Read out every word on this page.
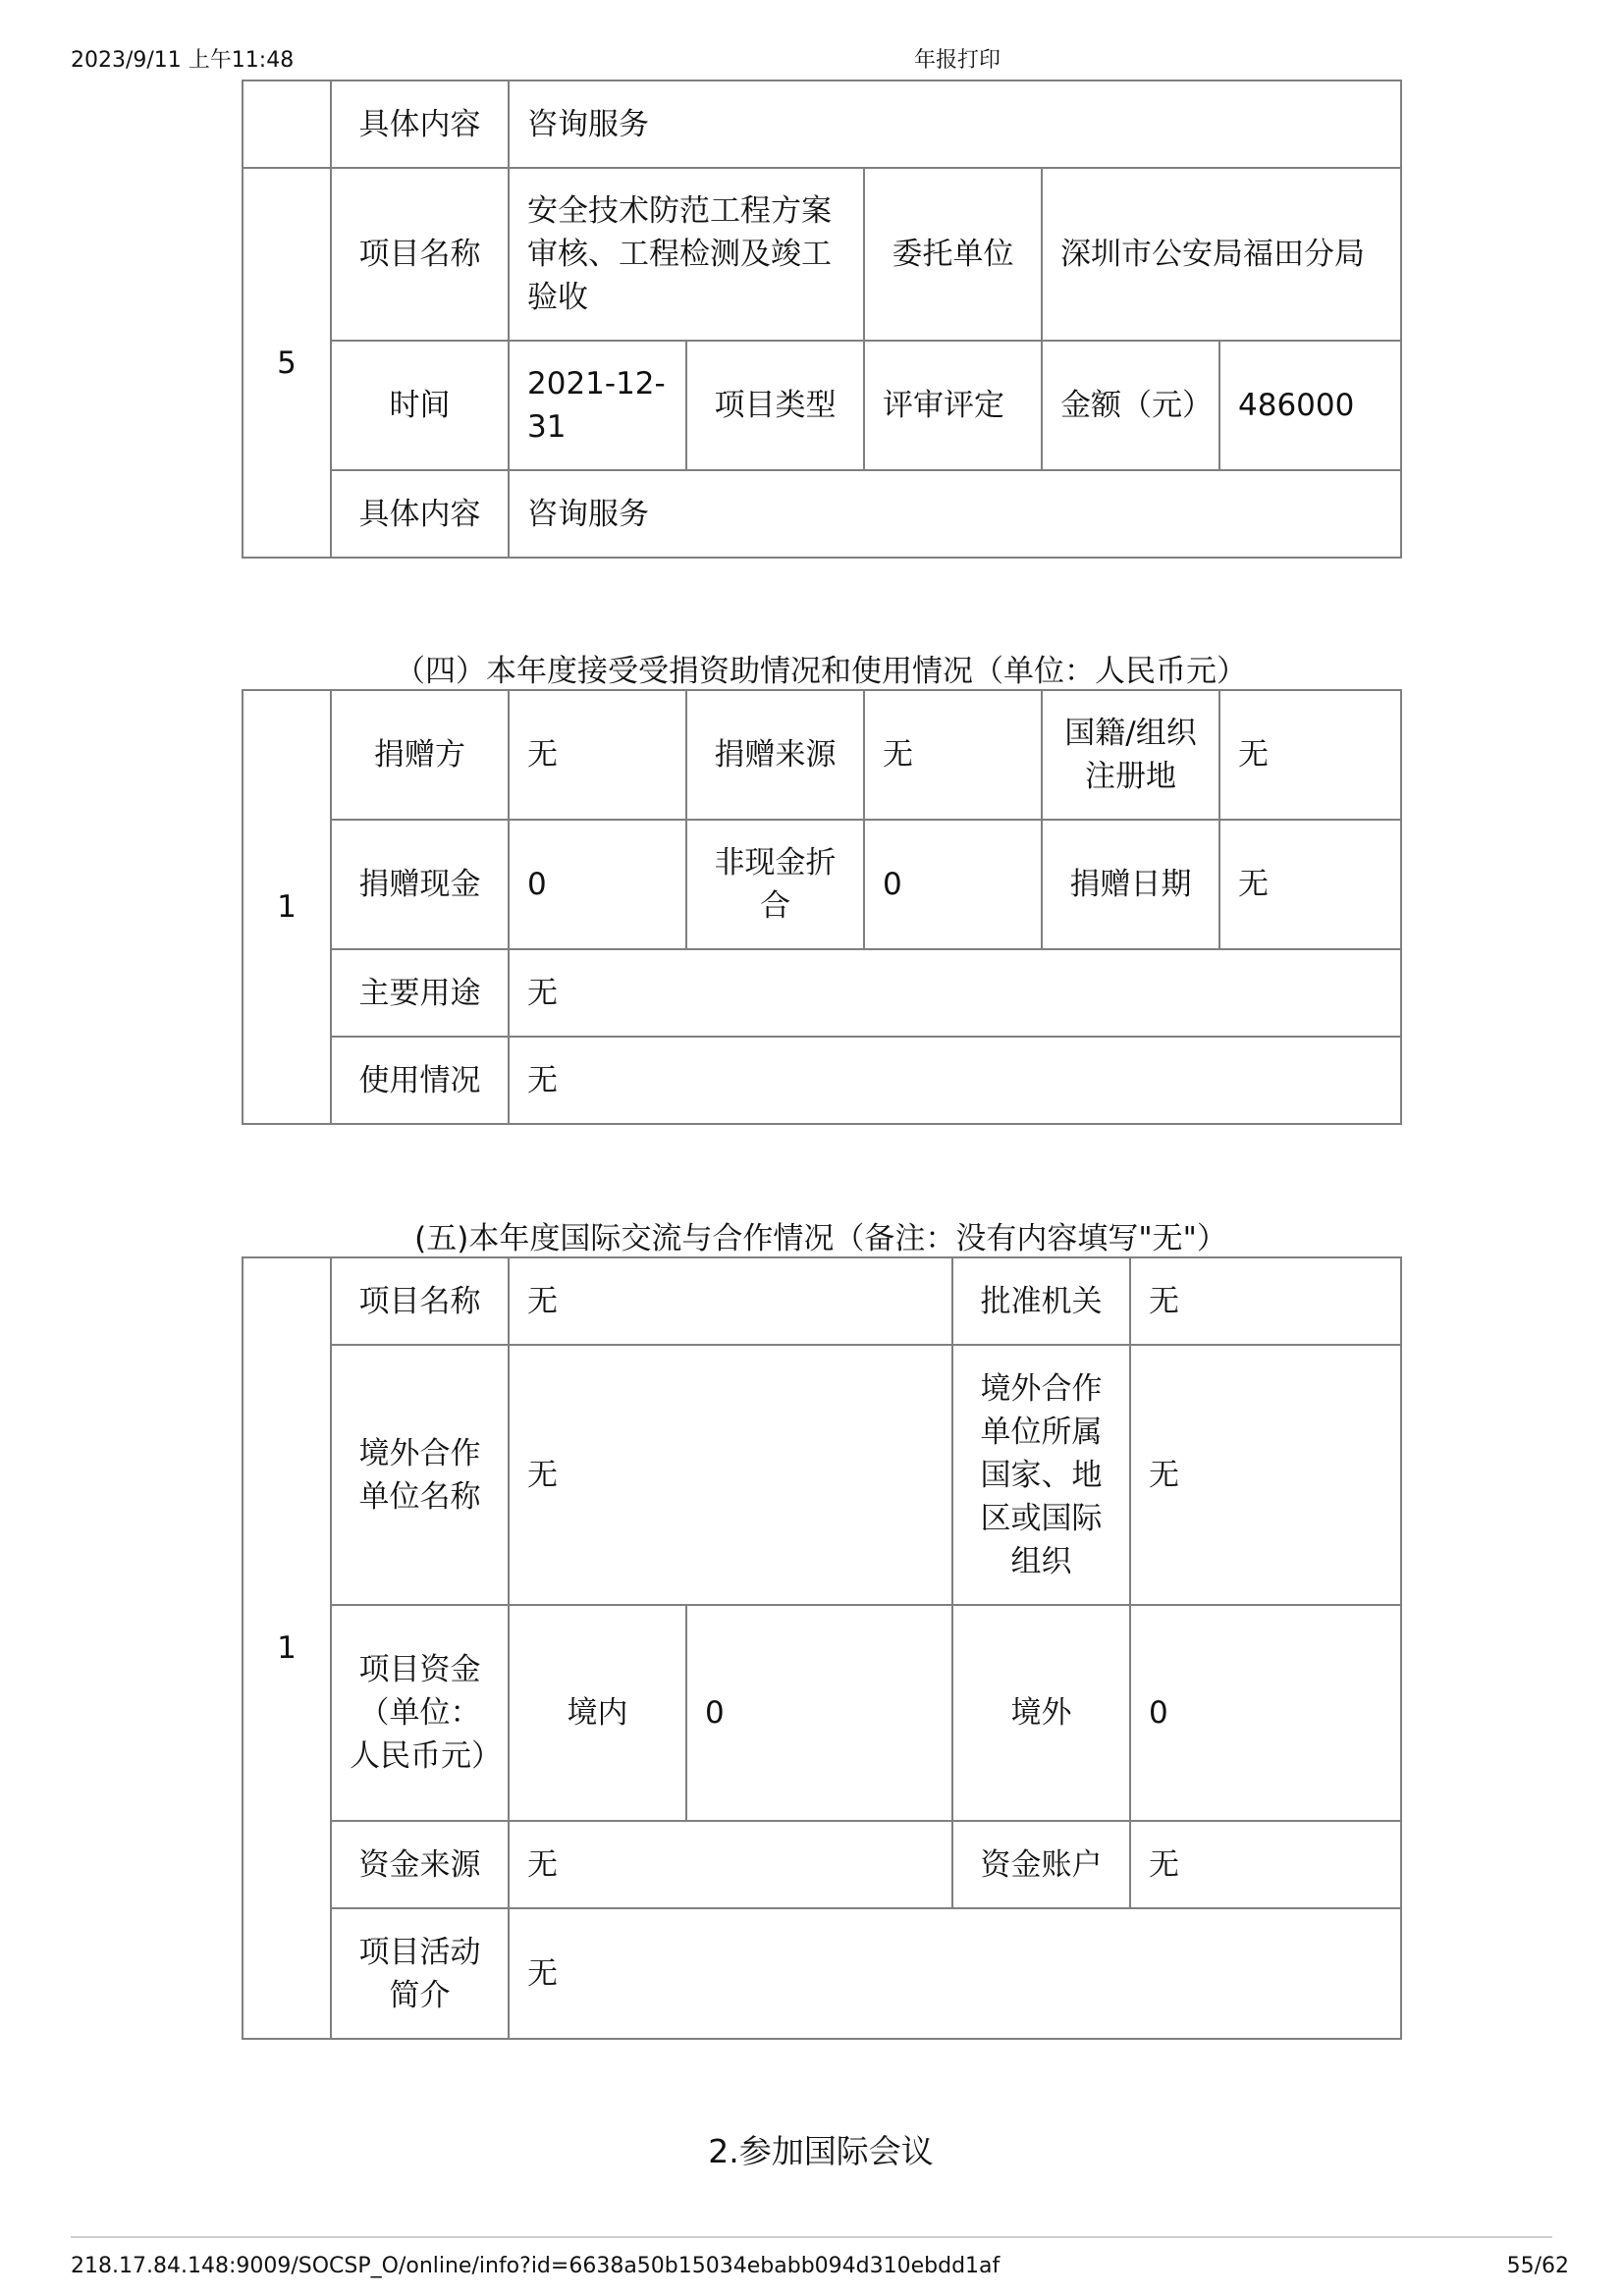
2023/9/11 上午11:48	年报打印
	具体内容	咨询服务				
5	项目名称	安全技术防范工程方案审核、工程检测及竣工验收		委托单位	深圳市公安局福田分局	
	时间	2021-12-31	项目类型	评审评定	金额（元）	486000
	具体内容	咨询服务				
（四）本年度接受受捐资助情况和使用情况（单位：人民币元）
1	捐赠方	无	捐赠来源	无	国籍/组织注册地	无
	捐赠现金	0	非现金折合	0	捐赠日期	无
	主要用途	无				
	使用情况	无				
(五)本年度国际交流与合作情况（备注：没有内容填写"无"）
1	项目名称	无		批准机关	无
	境外合作单位名称	无		境外合作单位所属国家、地区或国际组织	无
	项目资金（单位：人民币元）	境内	0	境外	0
	资金来源	无		资金账户	无
	项目活动简介	无			
2.参加国际会议
218.17.84.148:9009/SOCSP_O/online/info?id=6638a50b15034ebabb094d310ebdd1af	55/62
